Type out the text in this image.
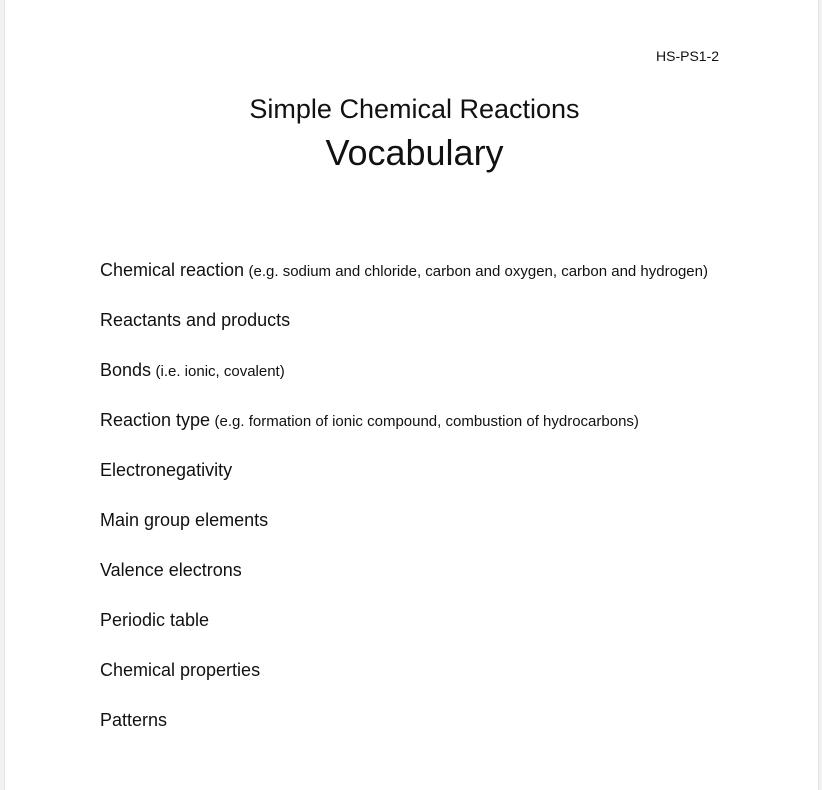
HS-PS1-2
Simple Chemical Reactions
Vocabulary
Chemical reaction (e.g. sodium and chloride, carbon and oxygen, carbon and hydrogen)
Reactants and products
Bonds (i.e. ionic, covalent)
Reaction type (e.g. formation of ionic compound, combustion of hydrocarbons)
Electronegativity
Main group elements
Valence electrons
Periodic table
Chemical properties
Patterns
